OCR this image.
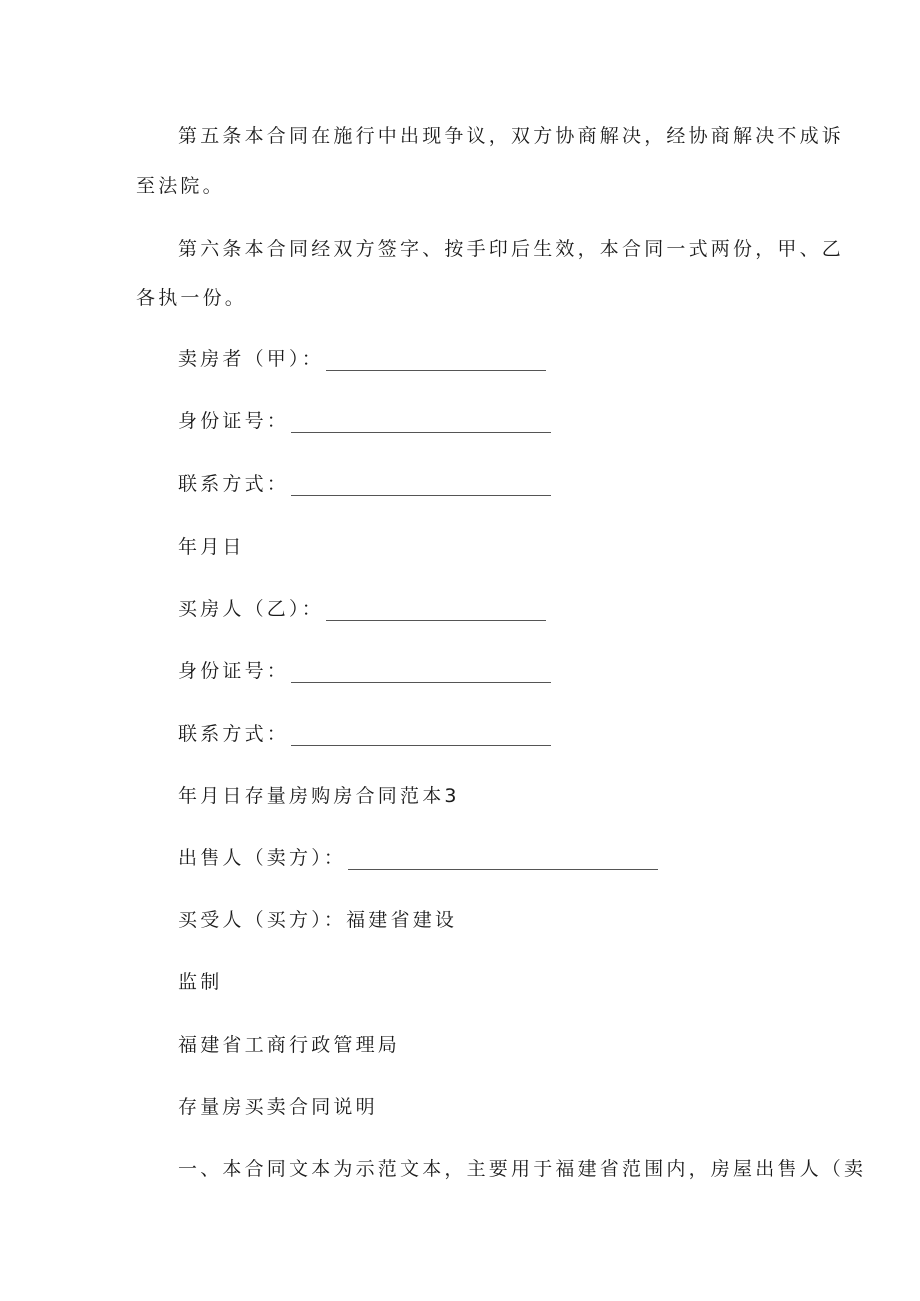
第五条本合同在施行中出现争议，双方协商解决，经协商解决不成诉
至法院。
第六条本合同经双方签字、按手印后生效，本合同一式两份，甲、乙
各执一份。
卖房者（甲）：
身份证号：
联系方式：
年月日
买房人（乙）：
身份证号：
联系方式：
年月日存量房购房合同范本3
出售人（卖方）：
买受人（买方）：福建省建设
监制
福建省工商行政管理局
存量房买卖合同说明
一、本合同文本为示范文本，主要用于福建省范围内，房屋出售人（卖
